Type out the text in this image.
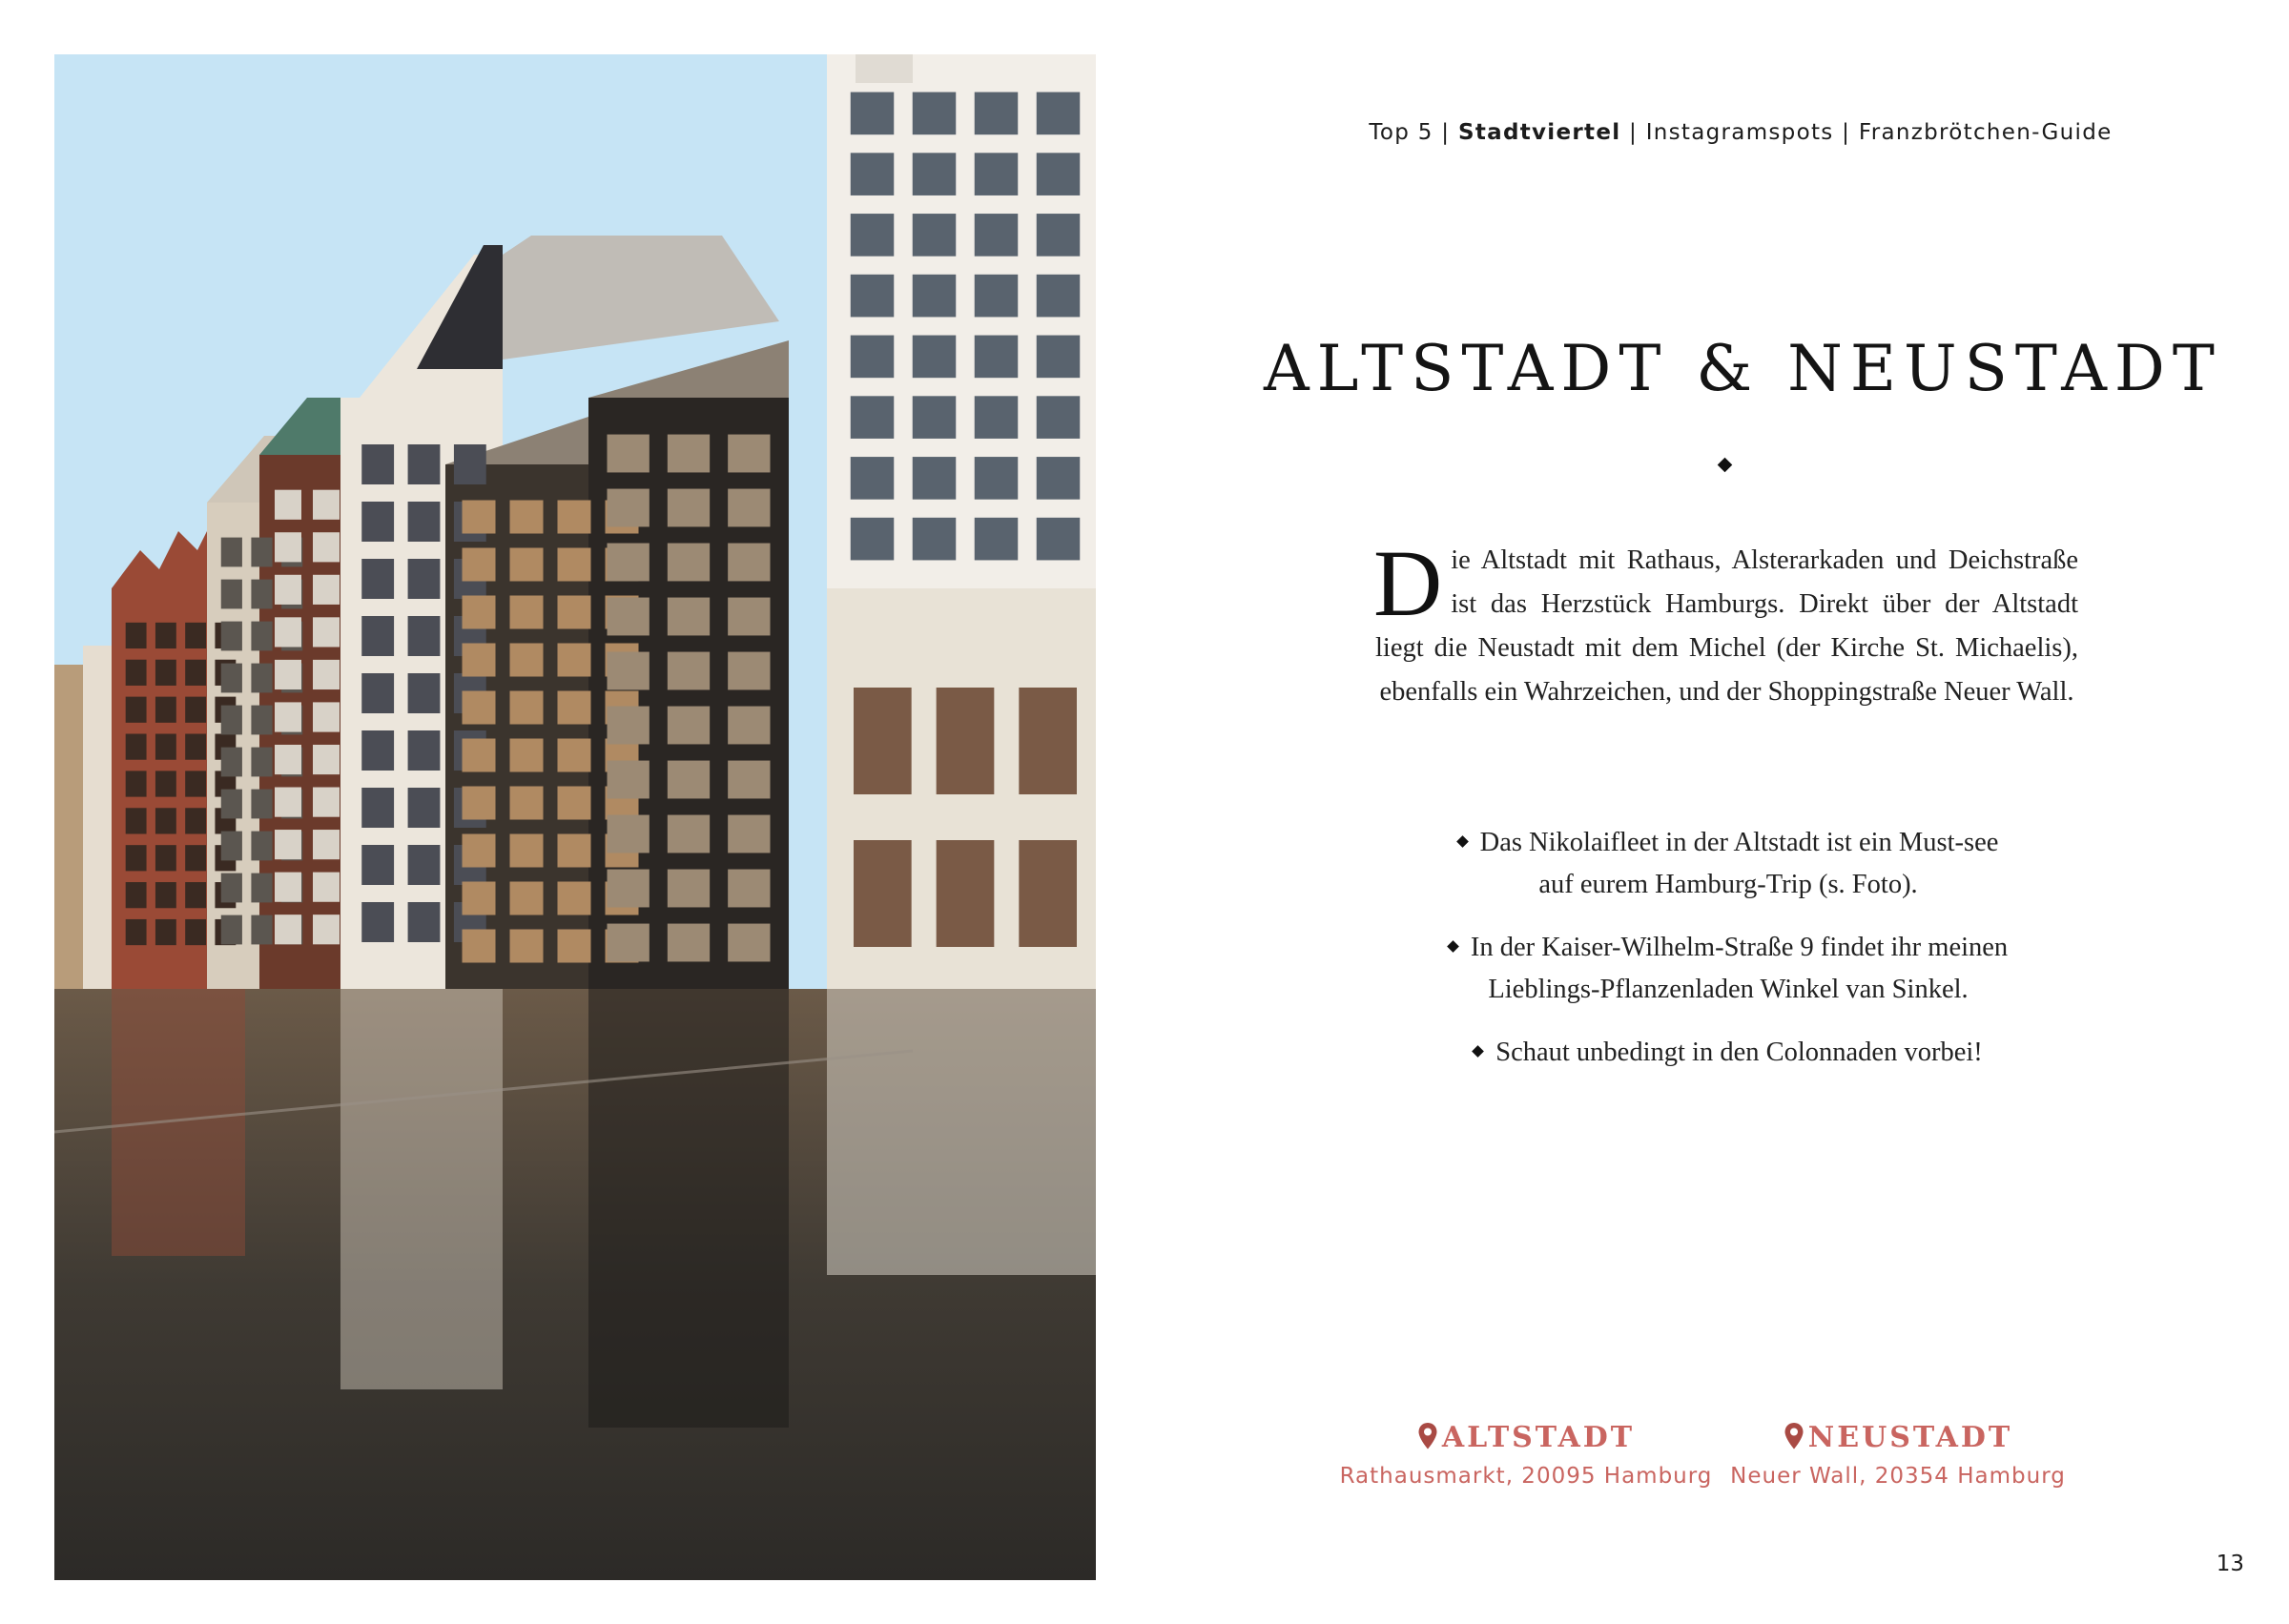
Top 5 | Stadtviertel | Instagramspots | Franzbrötchen-Guide
ALTSTADT & NEUSTADT
Die Altstadt mit Rathaus, Alsterarkaden und Deichstraße ist das Herzstück Hamburgs. Direkt über der Altstadt liegt die Neustadt mit dem Michel (der Kirche St. Michaelis), ebenfalls ein Wahrzeichen, und der Shoppingstraße Neuer Wall.
Das Nikolaifleet in der Altstadt ist ein Must-see
auf eurem Hamburg-Trip (s. Foto).
In der Kaiser-Wilhelm-Straße 9 findet ihr meinen
Lieblings-Pflanzenladen Winkel van Sinkel.
Schaut unbedingt in den Colonnaden vorbei!
ALTSTADT
Rathausmarkt, 20095 Hamburg
NEUSTADT
Neuer Wall, 20354 Hamburg
13
